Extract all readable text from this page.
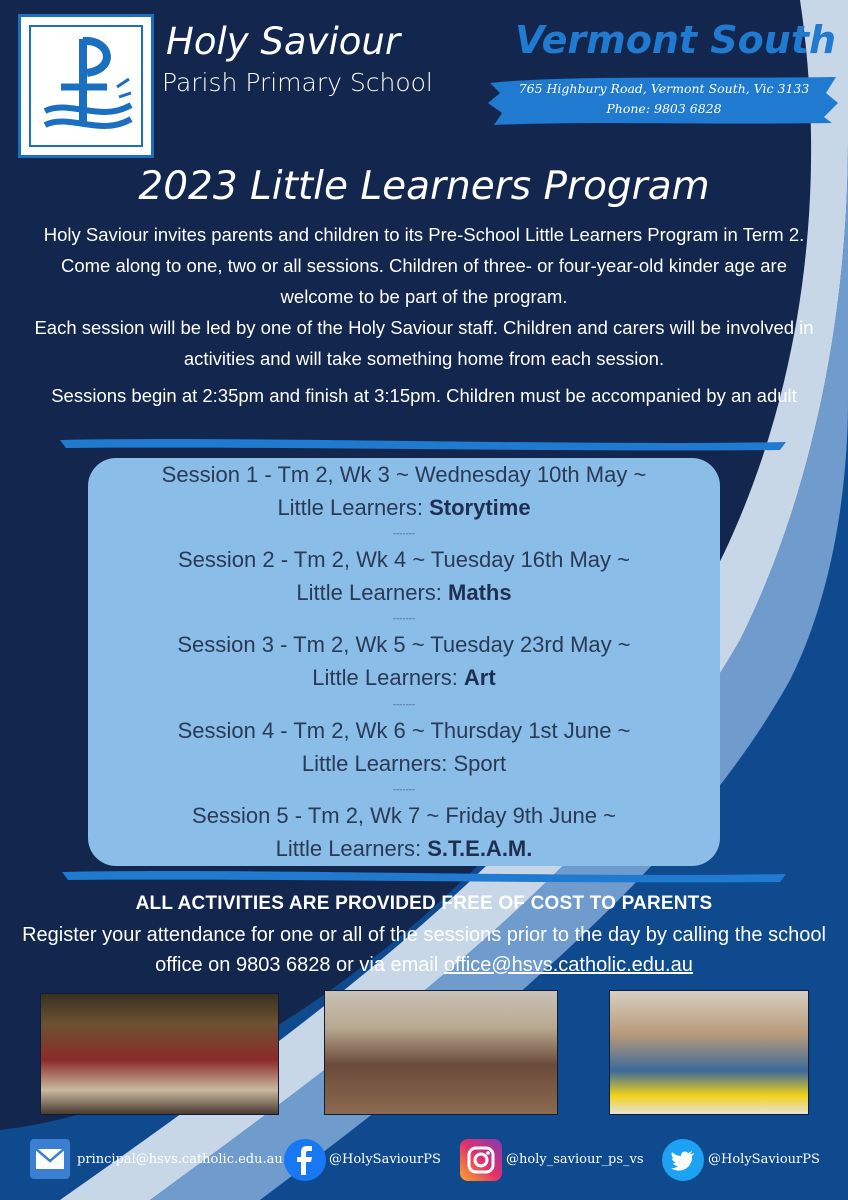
Holy Saviour
Parish Primary School
Vermont South
765 Highbury Road, Vermont South, Vic 3133
Phone: 9803 6828
2023 Little Learners Program
Holy Saviour invites parents and children to its Pre-School Little Learners Program in Term 2. Come along to one, two or all sessions. Children of three- or four-year-old kinder age are welcome to be part of the program.
Each session will be led by one of the Holy Saviour staff. Children and carers will be involved in activities and will take something home from each session.
Sessions begin at 2:35pm and finish at 3:15pm. Children must be accompanied by an adult
Session 1 - Tm 2, Wk 3 ~ Wednesday 10th May ~
Little Learners: Storytime
-------
Session 2 - Tm 2, Wk 4 ~ Tuesday 16th May ~
Little Learners: Maths
-------
Session 3 - Tm 2, Wk 5 ~ Tuesday 23rd May ~
Little Learners: Art
-------
Session 4 - Tm 2, Wk 6 ~ Thursday 1st June ~
Little Learners: Sport
-------
Session 5 - Tm 2, Wk 7 ~ Friday 9th June ~
Little Learners: S.T.E.A.M.
ALL ACTIVITIES ARE PROVIDED FREE OF COST TO PARENTS
Register your attendance for one or all of the sessions prior to the day by calling the school office on 9803 6828 or via email office@hsvs.catholic.edu.au
principal@hsvs.catholic.edu.au	@HolySaviourPS	@holy_saviour_ps_vs	@HolySaviourPS
